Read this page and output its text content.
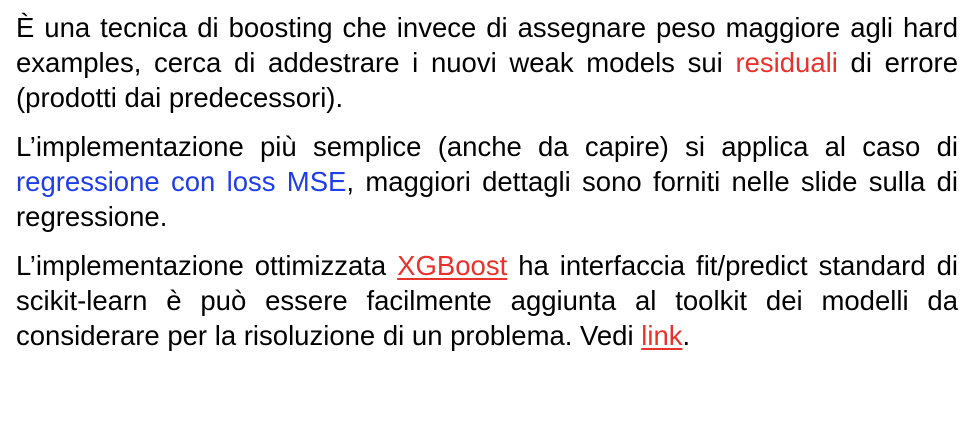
È una tecnica di boosting che invece di assegnare peso maggiore agli hard examples, cerca di addestrare i nuovi weak models sui residuali di errore (prodotti dai predecessori).

L’implementazione più semplice (anche da capire) si applica al caso di regressione con loss MSE, maggiori dettagli sono forniti nelle slide sulla di regressione.

L’implementazione ottimizzata XGBoost ha interfaccia fit/predict standard di scikit-learn è può essere facilmente aggiunta al toolkit dei modelli da considerare per la risoluzione di un problema. Vedi link.
